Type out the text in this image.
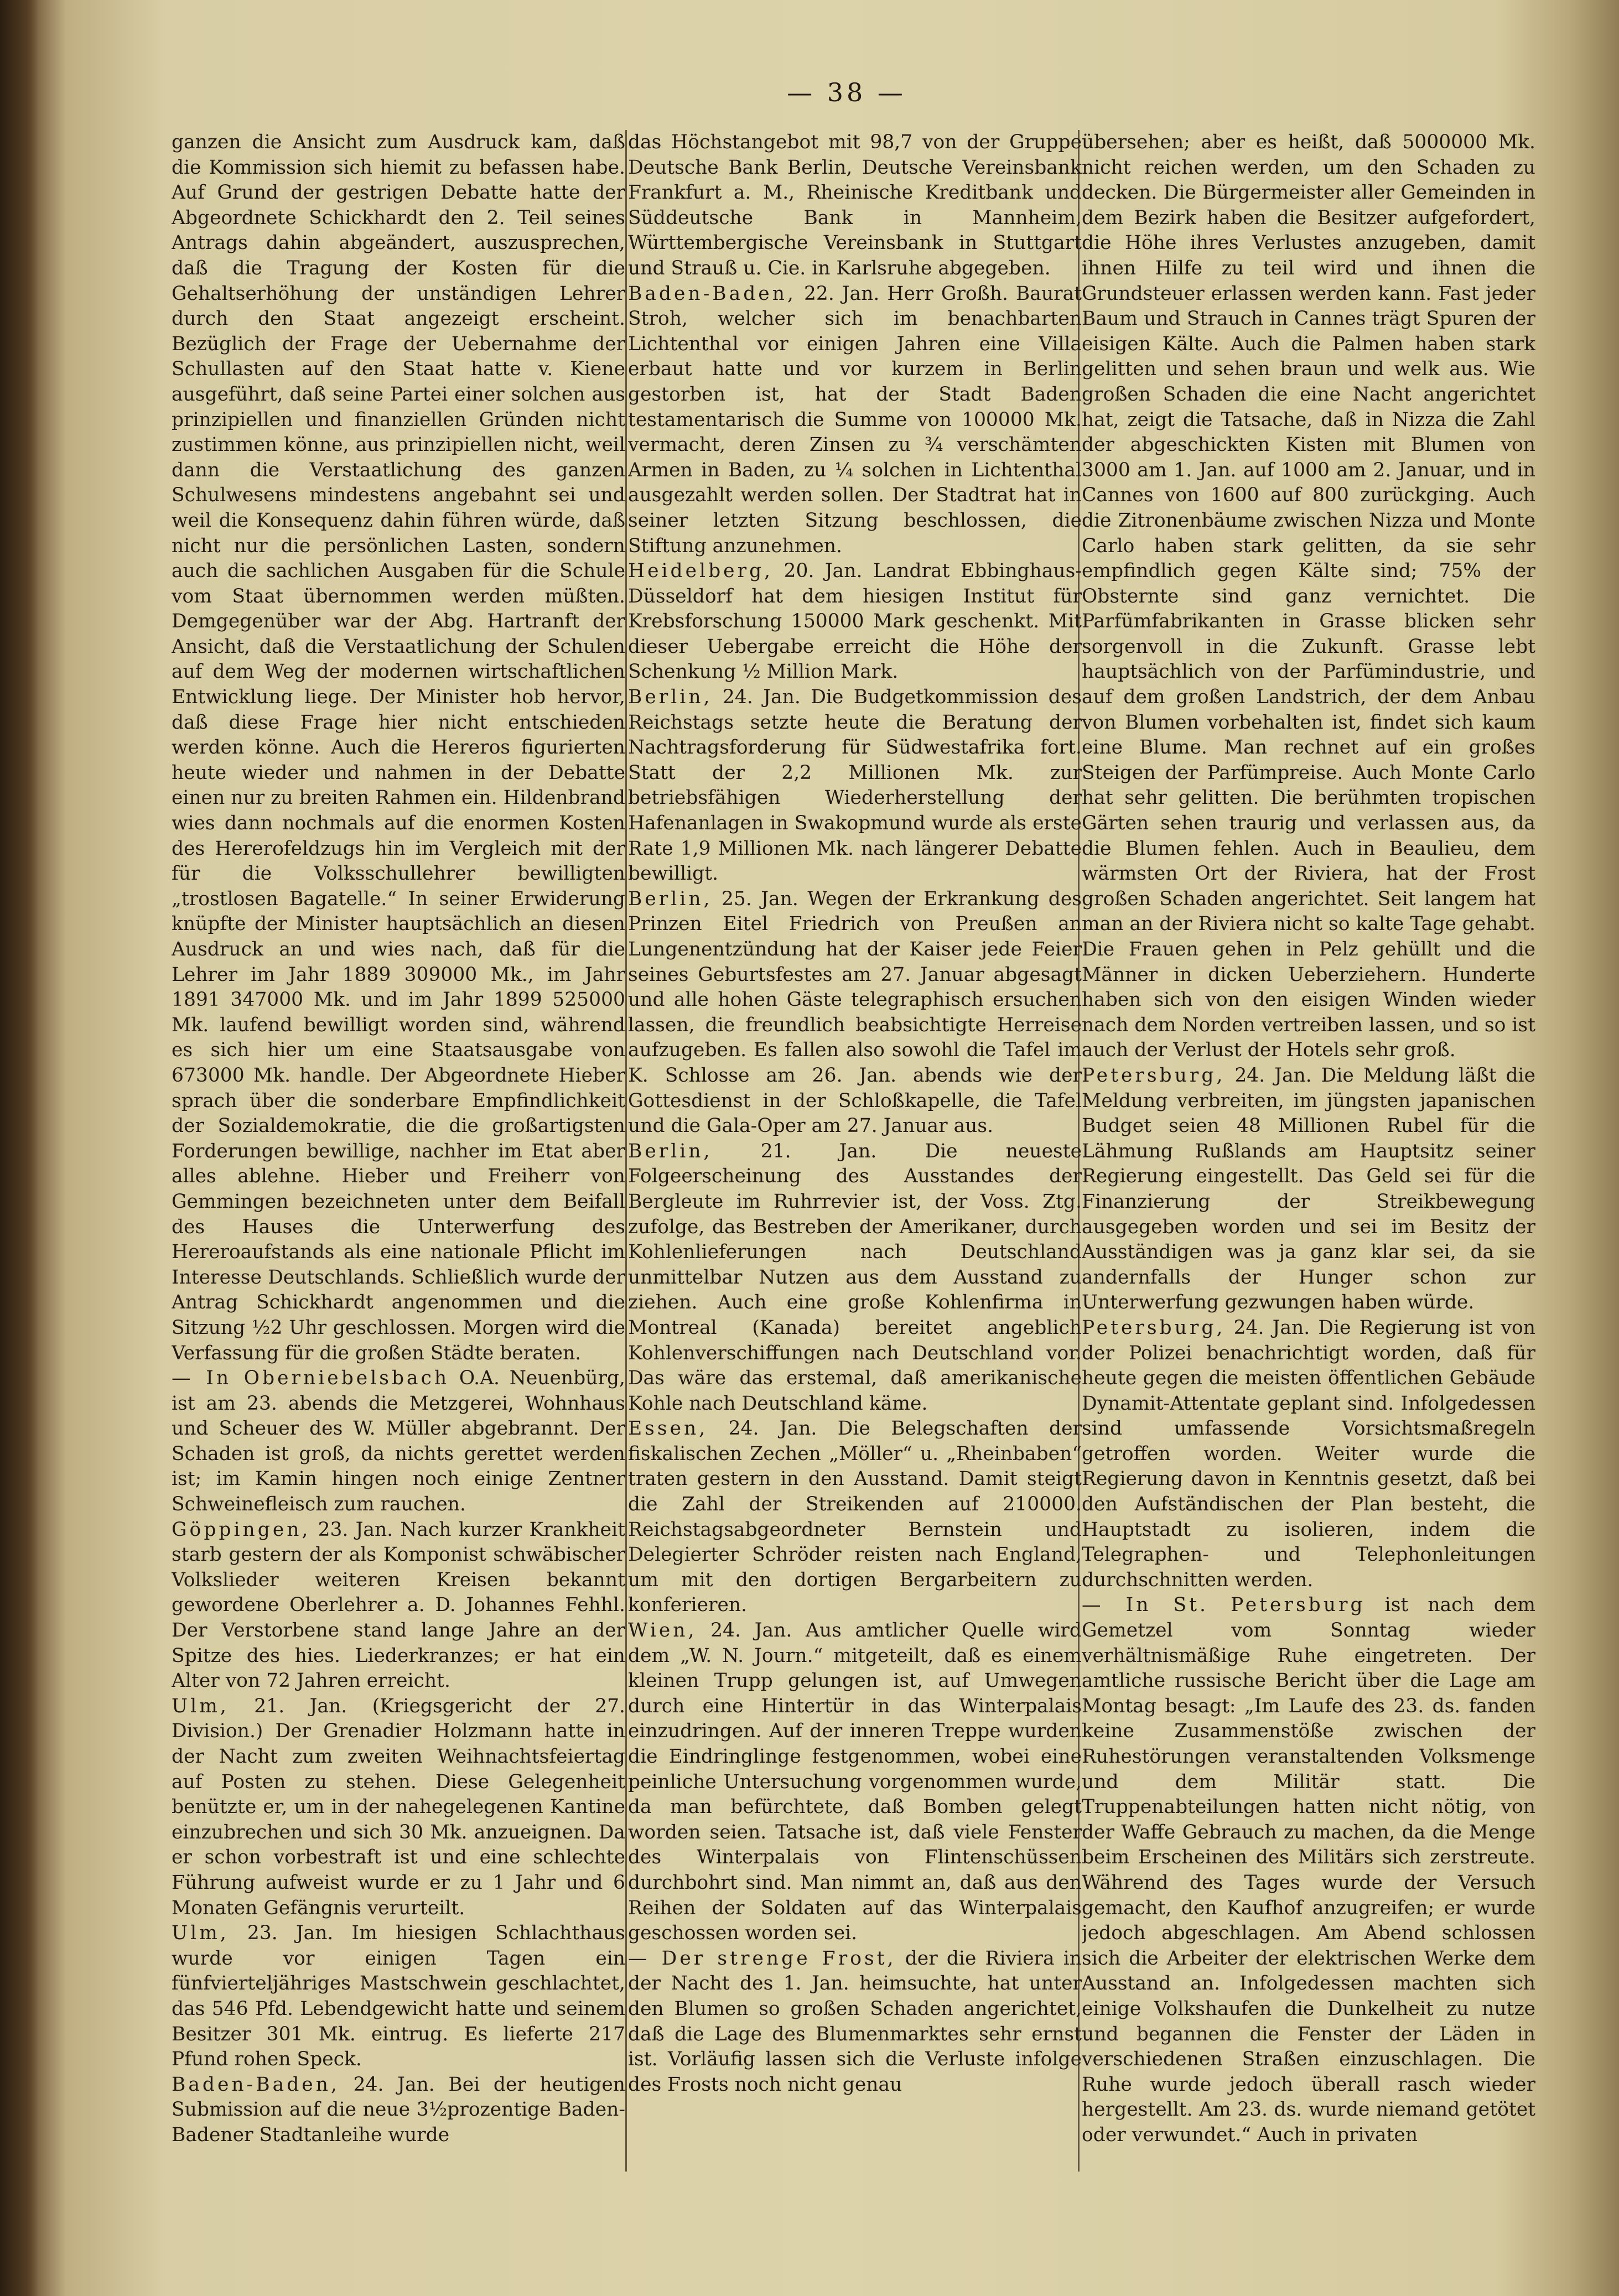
— 38 —

ganzen die Ansicht zum Ausdruck kam, daß die Kommission sich hiemit zu befassen habe. Auf Grund der gestrigen Debatte hatte der Abgeordnete Schickhardt den 2. Teil seines Antrags dahin abgeändert, auszusprechen, daß die Tragung der Kosten für die Gehaltserhöhung der unständigen Lehrer durch den Staat angezeigt erscheint. Bezüglich der Frage der Uebernahme der Schullasten auf den Staat hatte v. Kiene ausgeführt, daß seine Partei einer solchen aus prinzipiellen und finanziellen Gründen nicht zustimmen könne, aus prinzipiellen nicht, weil dann die Verstaatlichung des ganzen Schulwesens mindestens angebahnt sei und weil die Konsequenz dahin führen würde, daß nicht nur die persönlichen Lasten, sondern auch die sachlichen Ausgaben für die Schule vom Staat übernommen werden müßten. Demgegenüber war der Abg. Hartranft der Ansicht, daß die Verstaatlichung der Schulen auf dem Weg der modernen wirtschaftlichen Entwicklung liege. Der Minister hob hervor, daß diese Frage hier nicht entschieden werden könne. Auch die Hereros figurierten heute wieder und nahmen in der Debatte einen nur zu breiten Rahmen ein. Hildenbrand wies dann nochmals auf die enormen Kosten des Hererofeldzugs hin im Vergleich mit der für die Volksschullehrer bewilligten „trostlosen Bagatelle.“ In seiner Erwiderung knüpfte der Minister hauptsächlich an diesen Ausdruck an und wies nach, daß für die Lehrer im Jahr 1889 309000 Mk., im Jahr 1891 347000 Mk. und im Jahr 1899 525000 Mk. laufend bewilligt worden sind, während es sich hier um eine Staatsausgabe von 673000 Mk. handle. Der Abgeordnete Hieber sprach über die sonderbare Empfindlichkeit der Sozialdemokratie, die die großartigsten Forderungen bewillige, nachher im Etat aber alles ablehne. Hieber und Freiherr von Gemmingen bezeichneten unter dem Beifall des Hauses die Unterwerfung des Hereroaufstands als eine nationale Pflicht im Interesse Deutschlands. Schließlich wurde der Antrag Schickhardt angenommen und die Sitzung ½2 Uhr geschlossen. Morgen wird die Verfassung für die großen Städte beraten.

— In Oberniebelsbach O.A. Neuenbürg, ist am 23. abends die Metzgerei, Wohnhaus und Scheuer des W. Müller abgebrannt. Der Schaden ist groß, da nichts gerettet werden ist; im Kamin hingen noch einige Zentner Schweinefleisch zum rauchen.

Göppingen, 23. Jan. Nach kurzer Krankheit starb gestern der als Komponist schwäbischer Volkslieder weiteren Kreisen bekannt gewordene Oberlehrer a. D. Johannes Fehhl. Der Verstorbene stand lange Jahre an der Spitze des hies. Liederkranzes; er hat ein Alter von 72 Jahren erreicht.

Ulm, 21. Jan. (Kriegsgericht der 27. Division.) Der Grenadier Holzmann hatte in der Nacht zum zweiten Weihnachtsfeiertag auf Posten zu stehen. Diese Gelegenheit benützte er, um in der nahegelegenen Kantine einzubrechen und sich 30 Mk. anzueignen. Da er schon vorbestraft ist und eine schlechte Führung aufweist wurde er zu 1 Jahr und 6 Monaten Gefängnis verurteilt.

Ulm, 23. Jan. Im hiesigen Schlachthaus wurde vor einigen Tagen ein fünfvierteljähriges Mastschwein geschlachtet, das 546 Pfd. Lebendgewicht hatte und seinem Besitzer 301 Mk. eintrug. Es lieferte 217 Pfund rohen Speck.

Baden-Baden, 24. Jan. Bei der heutigen Submission auf die neue 3½prozentige Baden-Badener Stadtanleihe wurde

das Höchstangebot mit 98,7 von der Gruppe Deutsche Bank Berlin, Deutsche Vereinsbank Frankfurt a. M., Rheinische Kreditbank und Süddeutsche Bank in Mannheim, Württembergische Vereinsbank in Stuttgart und Strauß u. Cie. in Karlsruhe abgegeben.

Baden-Baden, 22. Jan. Herr Großh. Baurat Stroh, welcher sich im benachbarten Lichtenthal vor einigen Jahren eine Villa erbaut hatte und vor kurzem in Berlin gestorben ist, hat der Stadt Baden testamentarisch die Summe von 100000 Mk. vermacht, deren Zinsen zu ¾ verschämten Armen in Baden, zu ¼ solchen in Lichtenthal ausgezahlt werden sollen. Der Stadtrat hat in seiner letzten Sitzung beschlossen, die Stiftung anzunehmen.

Heidelberg, 20. Jan. Landrat Ebbinghaus-Düsseldorf hat dem hiesigen Institut für Krebsforschung 150000 Mark geschenkt. Mit dieser Uebergabe erreicht die Höhe der Schenkung ½ Million Mark.

Berlin, 24. Jan. Die Budgetkommission des Reichstags setzte heute die Beratung der Nachtragsforderung für Südwestafrika fort. Statt der 2,2 Millionen Mk. zur betriebsfähigen Wiederherstellung der Hafenanlagen in Swakopmund wurde als erste Rate 1,9 Millionen Mk. nach längerer Debatte bewilligt.

Berlin, 25. Jan. Wegen der Erkrankung des Prinzen Eitel Friedrich von Preußen an Lungenentzündung hat der Kaiser jede Feier seines Geburtsfestes am 27. Januar abgesagt und alle hohen Gäste telegraphisch ersuchen lassen, die freundlich beabsichtigte Herreise aufzugeben. Es fallen also sowohl die Tafel im K. Schlosse am 26. Jan. abends wie der Gottesdienst in der Schloßkapelle, die Tafel und die Gala-Oper am 27. Januar aus.

Berlin,	21. Jan. Die neueste Folgeerscheinung des Ausstandes der Bergleute im Ruhrrevier ist, der Voss. Ztg. zufolge, das Bestreben der Amerikaner, durch Kohlenlieferungen nach Deutschland unmittelbar Nutzen aus dem Ausstand zu ziehen. Auch eine große Kohlenfirma in Montreal (Kanada) bereitet angeblich Kohlenverschiffungen nach Deutschland vor. Das wäre das erstemal, daß amerikanische Kohle nach Deutschland käme.

Essen, 24. Jan. Die Belegschaften der fiskalischen Zechen „Möller“ u. „Rheinbaben“ traten gestern in den Ausstand. Damit steigt die Zahl der Streikenden auf 210000. Reichstagsabgeordneter Bernstein und Delegierter Schröder reisten nach England, um mit den dortigen Bergarbeitern zu konferieren.

Wien, 24. Jan. Aus amtlicher Quelle wird dem „W. N. Journ.“ mitgeteilt, daß es einem kleinen Trupp gelungen ist, auf Umwegen durch eine Hintertür in das Winterpalais einzudringen. Auf der inneren Treppe wurden die Eindringlinge festgenommen, wobei eine peinliche Untersuchung vorgenommen wurde, da man befürchtete, daß Bomben gelegt worden seien. Tatsache ist, daß viele Fenster des Winterpalais von Flintenschüssen durchbohrt sind. Man nimmt an, daß aus den Reihen der Soldaten auf das Winterpalais geschossen worden sei.

— Der strenge Frost, der die Riviera in der Nacht des 1. Jan. heimsuchte, hat unter den Blumen so großen Schaden angerichtet, daß die Lage des Blumenmarktes sehr ernst ist. Vorläufig lassen sich die Verluste infolge des Frosts noch nicht genau

übersehen; aber es heißt, daß 5000000 Mk. nicht reichen werden, um den Schaden zu decken. Die Bürgermeister aller Gemeinden in dem Bezirk haben die Besitzer aufgefordert, die Höhe ihres Verlustes anzugeben, damit ihnen Hilfe zu teil wird und ihnen die Grundsteuer erlassen werden kann. Fast jeder Baum und Strauch in Cannes trägt Spuren der eisigen Kälte. Auch die Palmen haben stark gelitten und sehen braun und welk aus. Wie großen Schaden die eine Nacht angerichtet hat, zeigt die Tatsache, daß in Nizza die Zahl der abgeschickten Kisten mit Blumen von 3000 am 1. Jan. auf 1000 am 2. Januar, und in Cannes von 1600 auf 800 zurückging. Auch die Zitronenbäume zwischen Nizza und Monte Carlo haben stark gelitten, da sie sehr empfindlich gegen Kälte sind; 75% der Obsternte sind ganz vernichtet. Die Parfümfabrikanten in Grasse blicken sehr sorgenvoll in die Zukunft. Grasse lebt hauptsächlich von der Parfümindustrie, und auf dem großen Landstrich, der dem Anbau von Blumen vorbehalten ist, findet sich kaum eine Blume. Man rechnet auf ein großes Steigen der Parfümpreise. Auch Monte Carlo hat sehr gelitten. Die berühmten tropischen Gärten sehen traurig und verlassen aus, da die Blumen fehlen. Auch in Beaulieu, dem wärmsten Ort der Riviera, hat der Frost großen Schaden angerichtet. Seit langem hat man an der Riviera nicht so kalte Tage gehabt. Die Frauen gehen in Pelz gehüllt und die Männer in dicken Ueberziehern. Hunderte haben sich von den eisigen Winden wieder nach dem Norden vertreiben lassen, und so ist auch der Verlust der Hotels sehr groß.

Petersburg, 24. Jan. Die Meldung läßt die Meldung verbreiten, im jüngsten japanischen Budget seien 48 Millionen Rubel für die Lähmung Rußlands am Hauptsitz seiner Regierung eingestellt. Das Geld sei für die Finanzierung der Streikbewegung ausgegeben worden und sei im Besitz der Ausständigen was ja ganz klar sei, da sie andernfalls der Hunger schon zur Unterwerfung gezwungen haben würde.

Petersburg, 24. Jan. Die Regierung ist von der Polizei benachrichtigt worden, daß für heute gegen die meisten öffentlichen Gebäude Dynamit-Attentate geplant sind. Infolgedessen sind umfassende Vorsichtsmaßregeln getroffen worden. Weiter wurde die Regierung davon in Kenntnis gesetzt, daß bei den Aufständischen der Plan besteht, die Hauptstadt zu isolieren, indem die Telegraphen- und Telephonleitungen durchschnitten werden.

— In St. Petersburg ist nach dem Gemetzel vom Sonntag wieder verhältnismäßige Ruhe eingetreten. Der amtliche russische Bericht über die Lage am Montag besagt: „Im Laufe des 23. ds. fanden keine Zusammenstöße zwischen der Ruhestörungen veranstaltenden Volksmenge und dem Militär statt. Die Truppenabteilungen hatten nicht nötig, von der Waffe Gebrauch zu machen, da die Menge beim Erscheinen des Militärs sich zerstreute. Während des Tages wurde der Versuch gemacht, den Kaufhof anzugreifen; er wurde jedoch abgeschlagen. Am Abend schlossen sich die Arbeiter der elektrischen Werke dem Ausstand an. Infolgedessen machten sich einige Volkshaufen die Dunkelheit zu nutze und begannen die Fenster der Läden in verschiedenen Straßen einzuschlagen. Die Ruhe wurde jedoch überall rasch wieder hergestellt. Am 23. ds. wurde niemand getötet oder verwundet.“ Auch in privaten
